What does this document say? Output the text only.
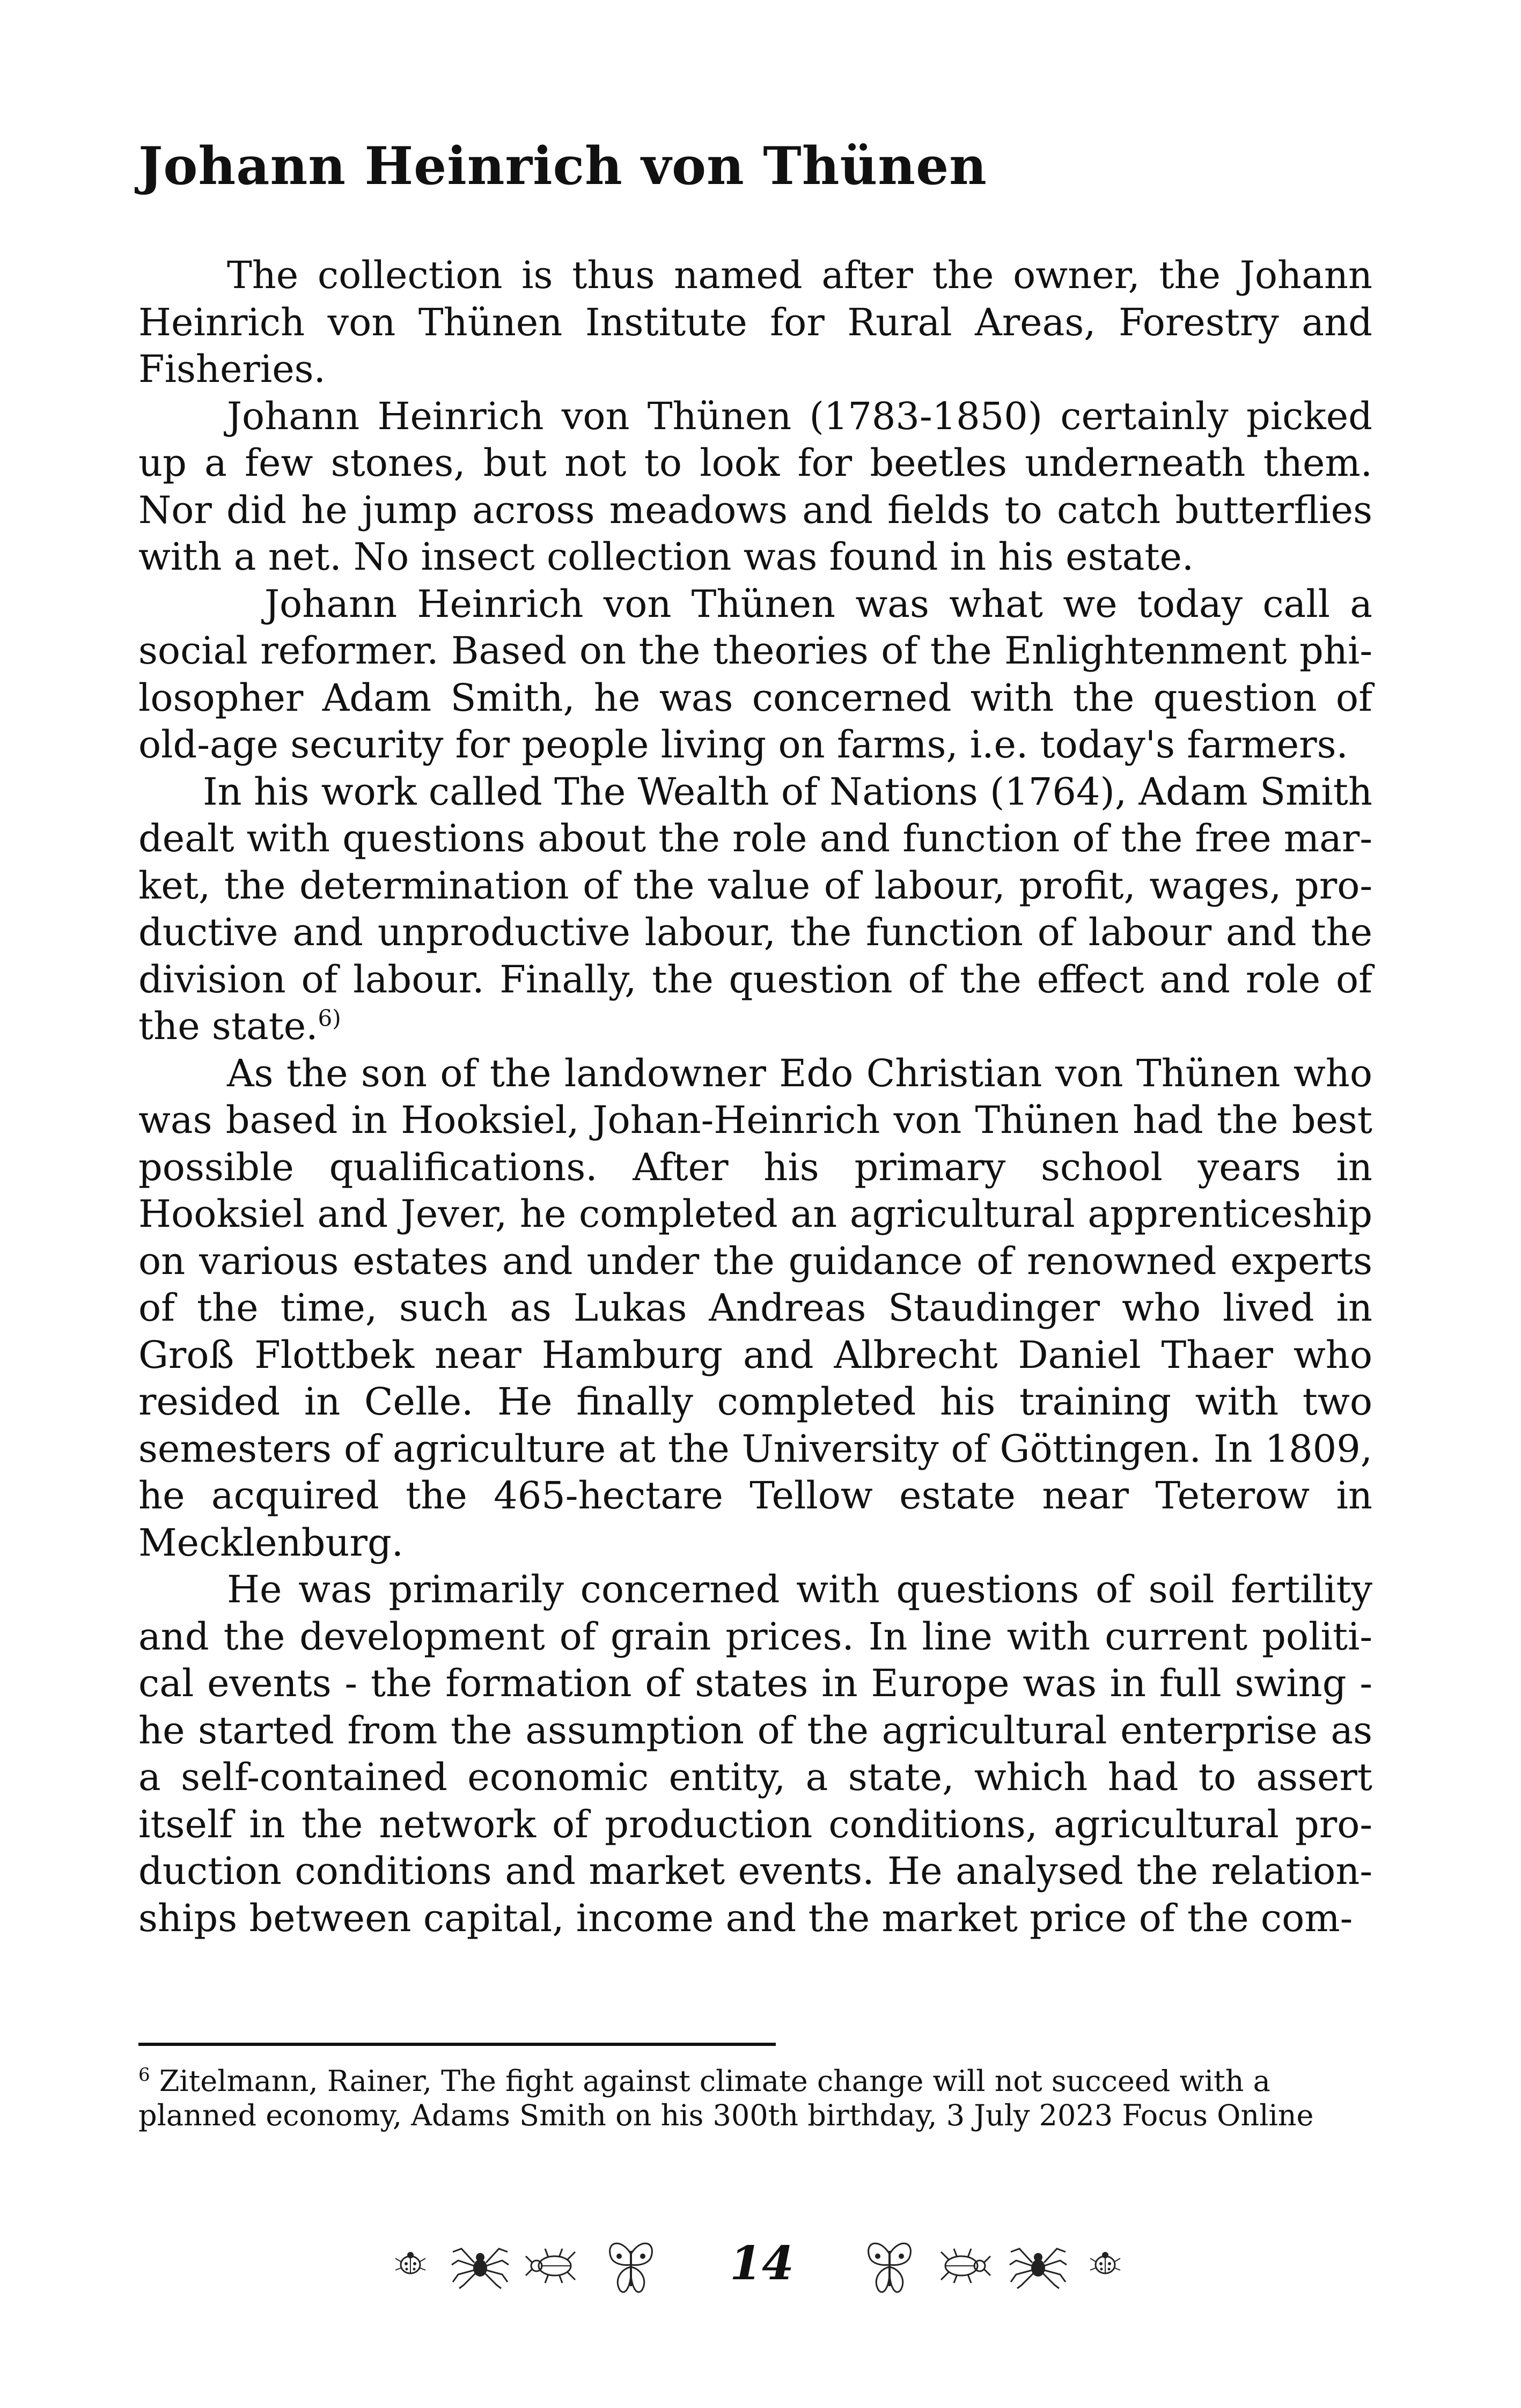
Johann Heinrich von Thünen

The collection is thus named after the owner, the Johann Heinrich von Thünen Institute for Rural Areas, Forestry and Fisheries.

Johann Heinrich von Thünen (1783-1850) certainly picked up a few stones, but not to look for beetles underneath them. Nor did he jump across meadows and fields to catch butterflies with a net. No insect collection was found in his estate.

Johann Heinrich von Thünen was what we today call a social reformer. Based on the theories of the Enlightenment philosopher Adam Smith, he was concerned with the question of old-age security for people living on farms, i.e. today's farmers.

In his work called The Wealth of Nations (1764), Adam Smith dealt with questions about the role and function of the free market, the determination of the value of labour, profit, wages, productive and unproductive labour, the function of labour and the division of labour. Finally, the question of the effect and role of the state.$^{6)}$

As the son of the landowner Edo Christian von Thünen who was based in Hooksiel, Johan-Heinrich von Thünen had the best possible qualifications. After his primary school years in Hooksiel and Jever, he completed an agricultural apprenticeship on various estates and under the guidance of renowned experts of the time, such as Lukas Andreas Staudinger who lived in Groß Flottbek near Hamburg and Albrecht Daniel Thaer who resided in Celle. He finally completed his training with two semesters of agriculture at the University of Göttingen. In 1809, he acquired the 465-hectare Tellow estate near Teterow in Mecklenburg.

He was primarily concerned with questions of soil fertility and the development of grain prices. In line with current political events - the formation of states in Europe was in full swing - he started from the assumption of the agricultural enterprise as a self-contained economic entity, a state, which had to assert itself in the network of production conditions, agricultural production conditions and market events. He analysed the relationships between capital, income and the market price of the com-

$^6$ Zitelmann, Rainer, The fight against climate change will not succeed with a planned economy, Adams Smith on his 300th birthday, 3 July 2023 Focus Online
14
